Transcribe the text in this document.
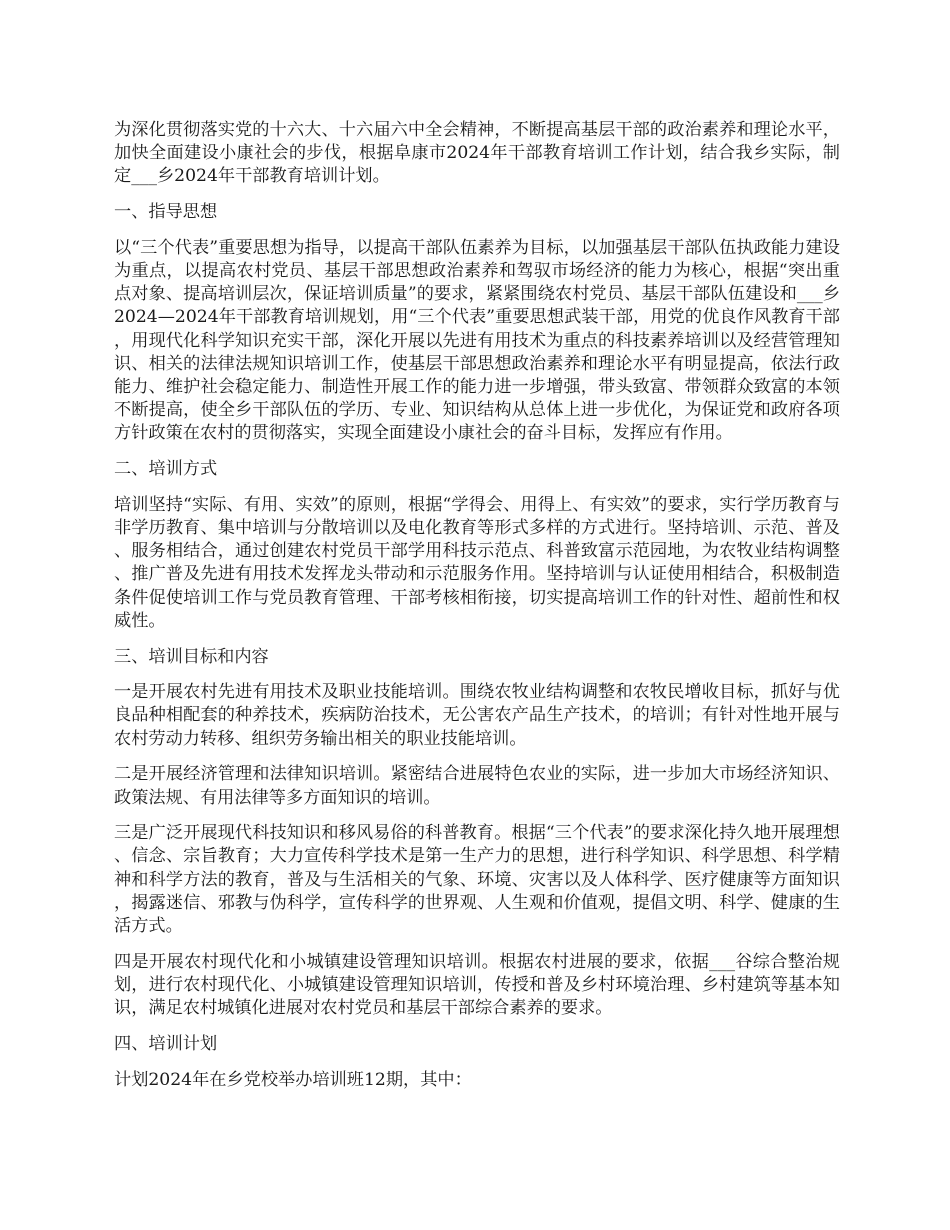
为深化贯彻落实党的十六大、十六届六中全会精神，不断提高基层干部的政治素养和理论水平，加快全面建设小康社会的步伐，根据阜康市2024年干部教育培训工作计划，结合我乡实际，制定___乡2024年干部教育培训计划。

一、指导思想

以“三个代表”重要思想为指导，以提高干部队伍素养为目标，以加强基层干部队伍执政能力建设为重点，以提高农村党员、基层干部思想政治素养和驾驭市场经济的能力为核心，根据“突出重点对象、提高培训层次，保证培训质量”的要求，紧紧围绕农村党员、基层干部队伍建设和___乡2024—2024年干部教育培训规划，用“三个代表”重要思想武装干部，用党的优良作风教育干部，用现代化科学知识充实干部，深化开展以先进有用技术为重点的科技素养培训以及经营管理知识、相关的法律法规知识培训工作，使基层干部思想政治素养和理论水平有明显提高，依法行政能力、维护社会稳定能力、制造性开展工作的能力进一步增强，带头致富、带领群众致富的本领不断提高，使全乡干部队伍的学历、专业、知识结构从总体上进一步优化，为保证党和政府各项方针政策在农村的贯彻落实，实现全面建设小康社会的奋斗目标，发挥应有作用。

二、培训方式

培训坚持“实际、有用、实效”的原则，根据“学得会、用得上、有实效”的要求，实行学历教育与非学历教育、集中培训与分散培训以及电化教育等形式多样的方式进行。坚持培训、示范、普及、服务相结合，通过创建农村党员干部学用科技示范点、科普致富示范园地，为农牧业结构调整、推广普及先进有用技术发挥龙头带动和示范服务作用。坚持培训与认证使用相结合，积极制造条件促使培训工作与党员教育管理、干部考核相衔接，切实提高培训工作的针对性、超前性和权威性。

三、培训目标和内容

一是开展农村先进有用技术及职业技能培训。围绕农牧业结构调整和农牧民增收目标，抓好与优良品种相配套的种养技术，疾病防治技术，无公害农产品生产技术，的培训；有针对性地开展与农村劳动力转移、组织劳务输出相关的职业技能培训。

二是开展经济管理和法律知识培训。紧密结合进展特色农业的实际，进一步加大市场经济知识、政策法规、有用法律等多方面知识的培训。

三是广泛开展现代科技知识和移风易俗的科普教育。根据“三个代表”的要求深化持久地开展理想、信念、宗旨教育；大力宣传科学技术是第一生产力的思想，进行科学知识、科学思想、科学精神和科学方法的教育，普及与生活相关的气象、环境、灾害以及人体科学、医疗健康等方面知识，揭露迷信、邪教与伪科学，宣传科学的世界观、人生观和价值观，提倡文明、科学、健康的生活方式。

四是开展农村现代化和小城镇建设管理知识培训。根据农村进展的要求，依据___谷综合整治规划，进行农村现代化、小城镇建设管理知识培训，传授和普及乡村环境治理、乡村建筑等基本知识，满足农村城镇化进展对农村党员和基层干部综合素养的要求。

四、培训计划

计划2024年在乡党校举办培训班12期，其中：
